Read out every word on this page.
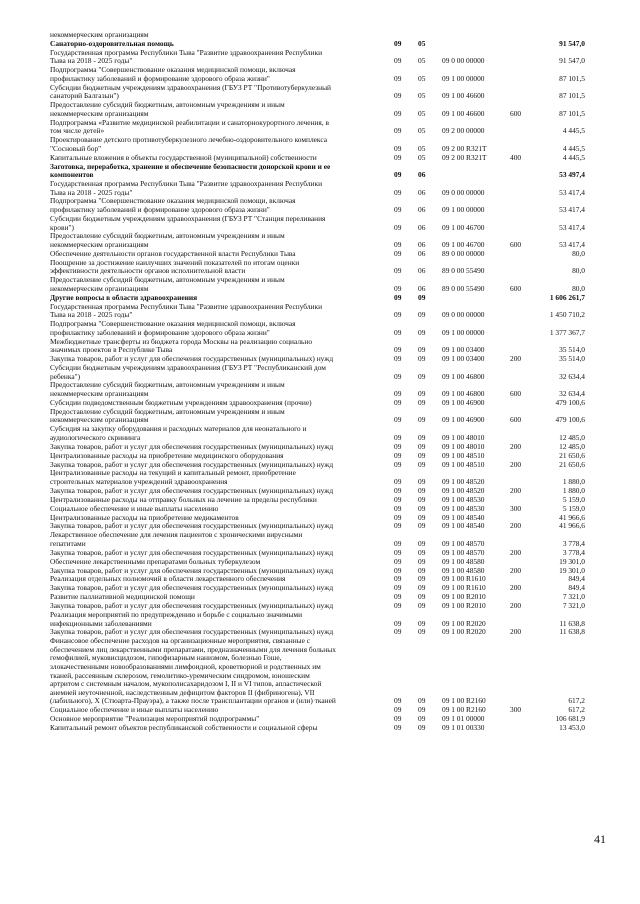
некоммерческим организациям
Санаторно-оздоровительная помощь	09 05	91 547,0
Государственная программа Республики Тыва "Развитие здравоохранения Республики
Тыва на 2018 - 2025 годы"	09 05 09 0 00 00000	91 547,0
Подпрограмма "Совершенствование оказания медицинской помощи, включая
профилактику заболеваний и формирование здорового образа жизни"	09 05 09 1 00 00000	87 101,5
Субсидии бюджетным учреждениям здравоохранения (ГБУЗ РТ "Противотуберкулезный
санаторий Балгазын")	09 05 09 1 00 46600	87 101,5
Предоставление субсидий бюджетным, автономным учреждениям и иным
некоммерческим организациям	09 05 09 1 00 46600	600	87 101,5
Подпрограмма «Развитие медицинской реабилитации и санаторнокурортного лечения, в
том числе детей»	09 05 09 2 00 00000	4 445,5
Проектирование детского противотуберкулезного лечебно-оздоровительного комплекса
"Сосновый бор"	09 05 09 2 00 R321T	4 445,5
Капитальные вложения в объекты государственной (муниципальной) собственности	09 05 09 2 00 R321T	400	4 445,5
Заготовка, переработка, хранение и обеспечение безопасности донорской крови и ее
компонентов	09 06	53 497,4
Государственная программа Республики Тыва "Развитие здравоохранения Республики
Тыва на 2018 - 2025 годы"	09 06 09 0 00 00000	53 417,4
Подпрограмма "Совершенствование оказания медицинской помощи, включая
профилактику заболеваний и формирование здорового образа жизни"	09 06 09 1 00 00000	53 417,4
Субсидии бюджетным учреждениям здравоохранения (ГБУЗ РТ "Станция переливания
крови")	09 06 09 1 00 46700	53 417,4
Предоставление субсидий бюджетным, автономным учреждениям и иным
некоммерческим организациям	09 06 09 1 00 46700	600	53 417,4
Обеспечение деятельности органов государственной власти Республики Тыва	09 06 89 0 00 00000	80,0
Поощрение за достижение наилучших значений показателей по итогам оценки
эффективности деятельности органов исполнительной власти	09 06 89 0 00 55490	80,0
Предоставление субсидий бюджетным, автономным учреждениям и иным
некоммерческим организациям	09 06 89 0 00 55490	600	80,0
Другие вопросы в области здравоохранения	09 09	1 606 261,7
Государственная программа Республики Тыва "Развитие здравоохранения Республики
Тыва на 2018 - 2025 годы"	09 09 09 0 00 00000	1 450 710,2
Подпрограмма "Совершенствование оказания медицинской помощи, включая
профилактику заболеваний и формирование здорового образа жизни"	09 09 09 1 00 00000	1 377 367,7
Межбюджетные трансферты из бюджета города Москвы на реализацию социально
значимых проектов в Республике Тыва	09 09 09 1 00 03400	35 514,0
Закупка товаров, работ и услуг для обеспечения государственных (муниципальных) нужд	09 09 09 1 00 03400	200	35 514,0
Субсидии бюджетным учреждениям здравоохранения (ГБУЗ РТ "Республиканский дом
ребенка")	09 09 09 1 00 46800	32 634,4
Предоставление субсидий бюджетным, автономным учреждениям и иным
некоммерческим организациям	09 09 09 1 00 46800	600	32 634,4
Субсидии подведомственным бюджетным учреждениям здравоохранения (прочие)	09 09 09 1 00 46900	479 100,6
Предоставление субсидий бюджетным, автономным учреждениям и иным
некоммерческим организациям	09 09 09 1 00 46900	600	479 100,6
Субсидия на закупку оборудования и расходных материалов для неонатального и
аудиологического скрининга	09 09 09 1 00 48010	12 485,0
Закупка товаров, работ и услуг для обеспечения государственных (муниципальных) нужд	09 09 09 1 00 48010	200	12 485,0
Централизованные расходы на приобретение медицинского оборудования	09 09 09 1 00 48510	21 650,6
Закупка товаров, работ и услуг для обеспечения государственных (муниципальных) нужд	09 09 09 1 00 48510	200	21 650,6
Централизованные расходы на текущий и капитальный ремонт, приобретение
строительных материалов учреждений здравоохранения	09 09 09 1 00 48520	1 880,0
Закупка товаров, работ и услуг для обеспечения государственных (муниципальных) нужд	09 09 09 1 00 48520	200	1 880,0
Централизованные расходы на отправку больных на лечение за пределы республики	09 09 09 1 00 48530	5 159,0
Социальное обеспечение и иные выплаты населению	09 09 09 1 00 48530	300	5 159,0
Централизованные расходы на приобретение медикаментов	09 09 09 1 00 48540	41 966,6
Закупка товаров, работ и услуг для обеспечения государственных (муниципальных) нужд	09 09 09 1 00 48540	200	41 966,6
Лекарственное обеспечение для лечения пациентов с хроническими вирусными
гепатитами	09 09 09 1 00 48570	3 778,4
Закупка товаров, работ и услуг для обеспечения государственных (муниципальных) нужд	09 09 09 1 00 48570	200	3 778,4
Обеспечение лекарственными препаратами больных туберкулезом	09 09 09 1 00 48580	19 301,0
Закупка товаров, работ и услуг для обеспечения государственных (муниципальных) нужд	09 09 09 1 00 48580	200	19 301,0
Реализация отдельных полномочий в области лекарственного обеспечения	09 09 09 1 00 R1610	849,4
Закупка товаров, работ и услуг для обеспечения государственных (муниципальных) нужд	09 09 09 1 00 R1610	200	849,4
Развитие паллиативной медицинской помощи	09 09 09 1 00 R2010	7 321,0
Закупка товаров, работ и услуг для обеспечения государственных (муниципальных) нужд	09 09 09 1 00 R2010	200	7 321,0
Реализация мероприятий по предупреждению и борьбе с социально значимыми
инфекционными заболеваниями	09 09 09 1 00 R2020	11 638,8
Закупка товаров, работ и услуг для обеспечения государственных (муниципальных) нужд	09 09 09 1 00 R2020	200	11 638,8
Финансовое обеспечение расходов на организационные мероприятия, связанные с
обеспечением лиц лекарственными препаратами, предназначенными для лечения больных
гемофилией, муковисцидозом, гипофизарным нанизмом, болезнью Гоше,
злокачественными новообразованиями лимфоидной, кроветворной и родственных им
тканей, рассеянным склерозом, гемолитико-уремическим синдромом, юношеским
артритом с системным началом, мукополисахаридозом I, II и VI типов, апластической
анемией неуточненной, наследственным дефицитом факторов II (фибриногена), VII
(лабильного), X (Стюарта-Прауэра), а также после трансплантации органов и (или) тканей	09 09 09 1 00 R2160	617,2
Социальное обеспечение и иные выплаты населению	09 09 09 1 00 R2160	300	617,2
Основное мероприятие "Реализация мероприятий подпрограммы"	09 09 09 1 01 00000	106 681,9
Капитальный ремонт объектов республиканской собственности и социальной сферы	09 09 09 1 01 00330	13 453,0
41
